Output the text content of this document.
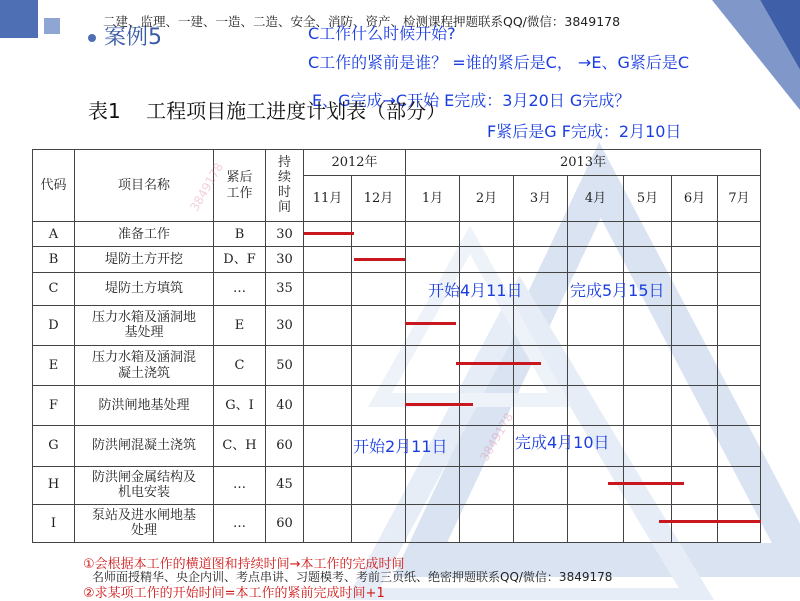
案例5
二建、监理、一建、一造、二造、安全、消防、资产、检测课程押题联系QQ/微信：3849178
C工作什么时候开始?
C工作的紧前是谁？ =谁的紧后是C， →E、G紧后是C
E、G完成→C开始 E完成：3月20日 G完成？
F紧后是G F完成：2月10日
表1    工程项目施工进度计划表（部分）
代码	项目名称	紧后工作	持续时间	2012年		2013年						
				11月	12月	1月	2月	3月	4月	5月	6月	7月
A	准备工作	B	30									
B	堤防土方开挖	D、F	30									
C	堤防土方填筑	…	35									
D	压力水箱及涵洞地基处理	E	30									
E	压力水箱及涵洞混凝土浇筑	C	50									
F	防洪闸地基处理	G、I	40									
G	防洪闸混凝土浇筑	C、H	60									
H	防洪闸金属结构及机电安装	…	45									
I	泵站及进水闸地基处理	…	60									
开始4月11日	完成5月15日
开始2月11日	完成4月10日
3849178
3849178
①会根据本工作的横道图和持续时间→本工作的完成时间
名师面授精华、央企内训、考点串讲、习题模考、考前三页纸、绝密押题联系QQ/微信：3849178
②求某项工作的开始时间=本工作的紧前完成时间+1
